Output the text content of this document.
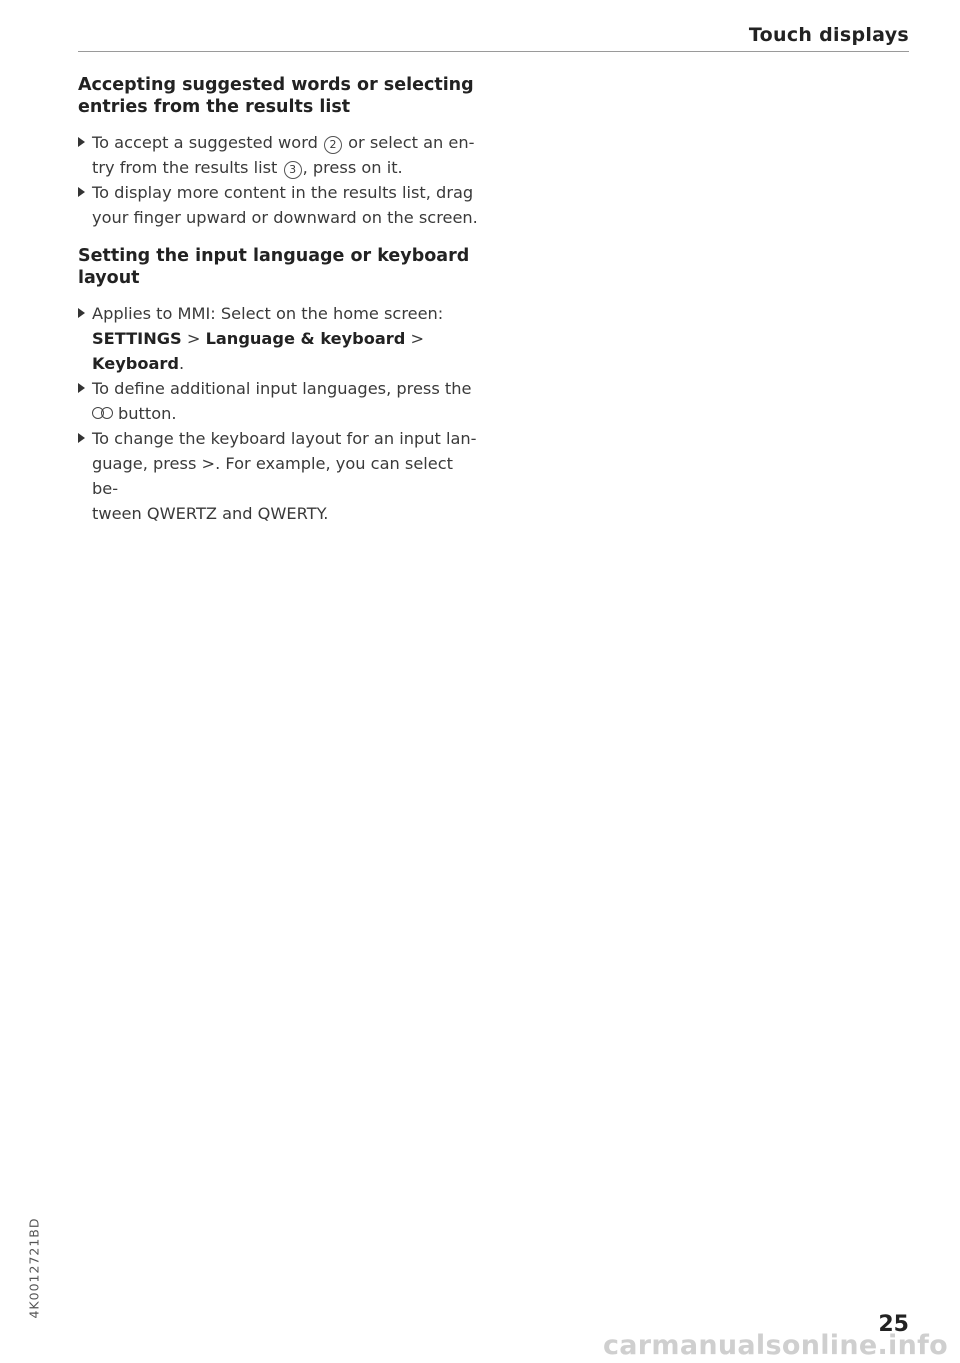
Touch displays
Accepting suggested words or selecting
entries from the results list
To accept a suggested word 2 or select an en-
try from the results list 3 , press on it.
To display more content in the results list, drag
your finger upward or downward on the screen.
Setting the input language or keyboard
layout
Applies to MMI: Select on the home screen:
SETTINGS > Language & keyboard > Keyboard.
To define additional input languages, press the
button.
To change the keyboard layout for an input lan-
guage, press >. For example, you can select be-
tween QWERTZ and QWERTY.
4K0012721BD
25
carmanualsonline.info
